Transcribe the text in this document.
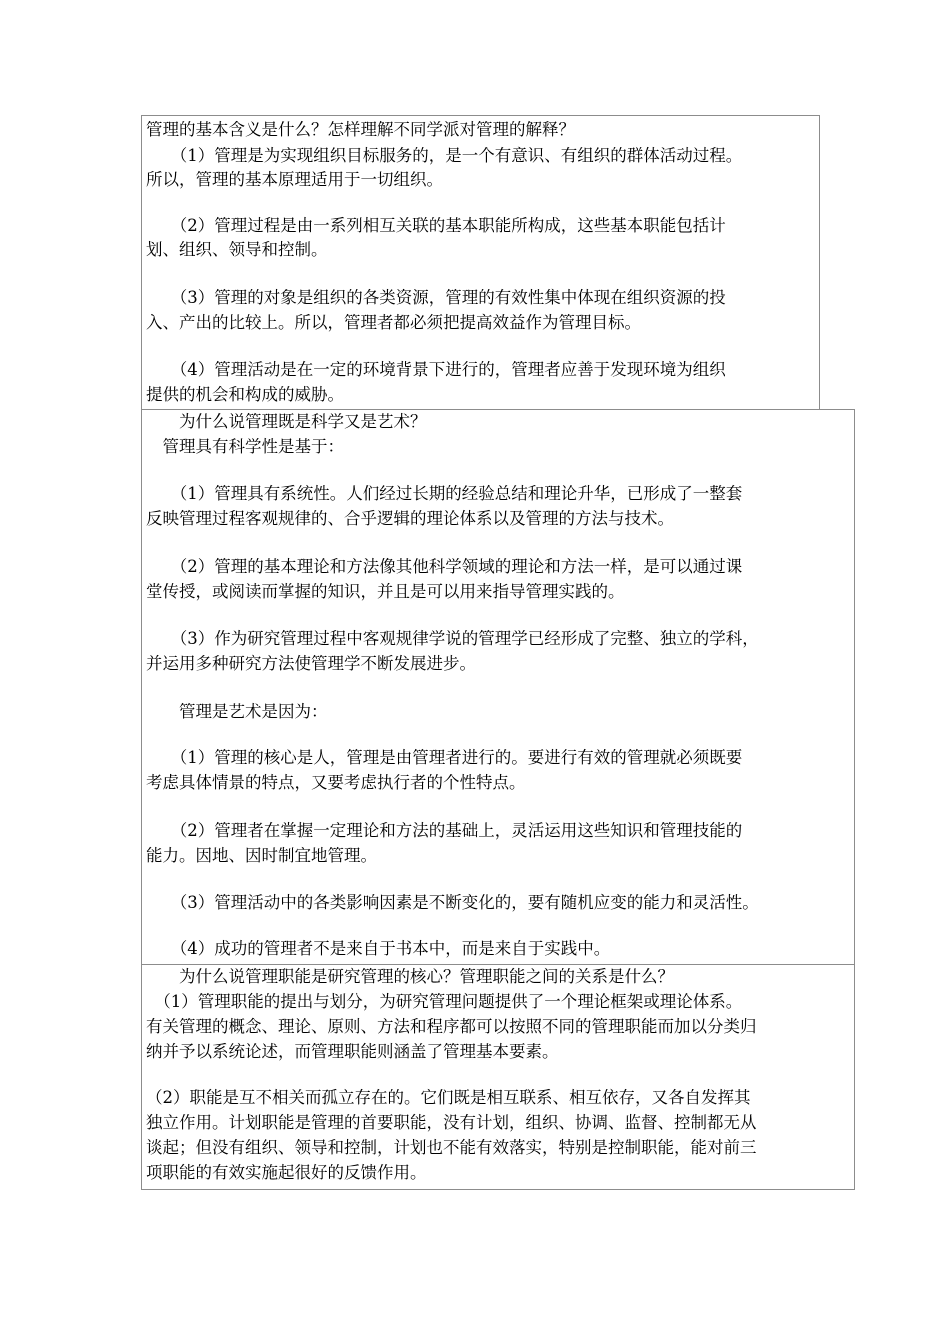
管理的基本含义是什么？怎样理解不同学派对管理的解释？
　　（1）管理是为实现组织目标服务的，是一个有意识、有组织的群体活动过程。
所以，管理的基本原理适用于一切组织。
　　（2）管理过程是由一系列相互关联的基本职能所构成，这些基本职能包括计
划、组织、领导和控制。
　　（3）管理的对象是组织的各类资源，管理的有效性集中体现在组织资源的投
入、产出的比较上。所以，管理者都必须把提高效益作为管理目标。
　　（4）管理活动是在一定的环境背景下进行的，管理者应善于发现环境为组织
提供的机会和构成的威胁。
　　为什么说管理既是科学又是艺术？
　管理具有科学性是基于：
　　（1）管理具有系统性。人们经过长期的经验总结和理论升华，已形成了一整套
反映管理过程客观规律的、合乎逻辑的理论体系以及管理的方法与技术。
　　（2）管理的基本理论和方法像其他科学领域的理论和方法一样，是可以通过课
堂传授，或阅读而掌握的知识，并且是可以用来指导管理实践的。
　　（3）作为研究管理过程中客观规律学说的管理学已经形成了完整、独立的学科，
并运用多种研究方法使管理学不断发展进步。
　　管理是艺术是因为：
　　（1）管理的核心是人，管理是由管理者进行的。要进行有效的管理就必须既要
考虑具体情景的特点，又要考虑执行者的个性特点。
　　（2）管理者在掌握一定理论和方法的基础上，灵活运用这些知识和管理技能的
能力。因地、因时制宜地管理。
　　（3）管理活动中的各类影响因素是不断变化的，要有随机应变的能力和灵活性。
　　（4）成功的管理者不是来自于书本中，而是来自于实践中。
　　为什么说管理职能是研究管理的核心？管理职能之间的关系是什么？
　（1）管理职能的提出与划分，为研究管理问题提供了一个理论框架或理论体系。
有关管理的概念、理论、原则、方法和程序都可以按照不同的管理职能而加以分类归
纳并予以系统论述，而管理职能则涵盖了管理基本要素。
（2）职能是互不相关而孤立存在的。它们既是相互联系、相互依存，又各自发挥其
独立作用。计划职能是管理的首要职能，没有计划，组织、协调、监督、控制都无从
谈起；但没有组织、领导和控制，计划也不能有效落实，特别是控制职能，能对前三
项职能的有效实施起很好的反馈作用。
